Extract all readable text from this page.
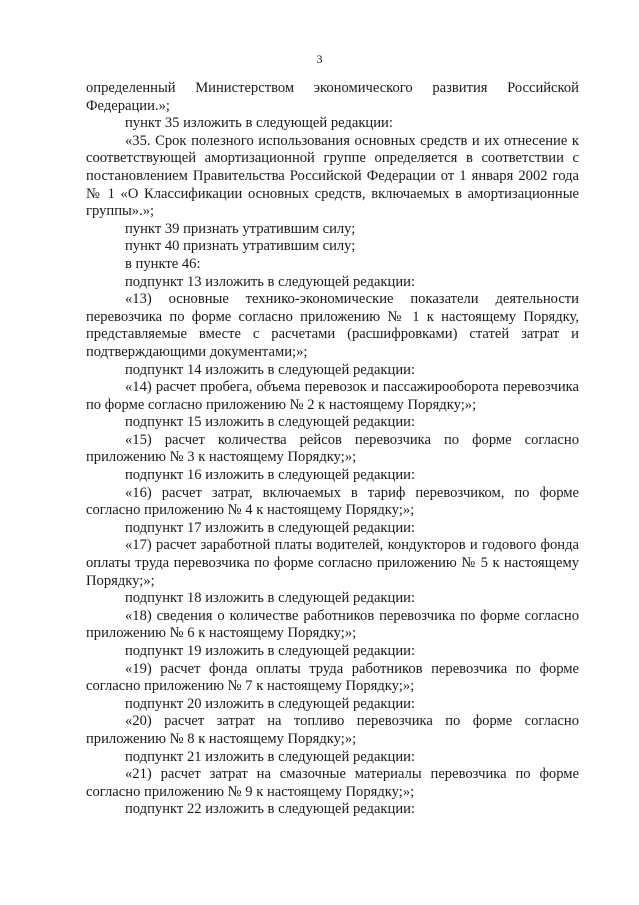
3

определенный Министерством экономического развития Российской Федерации.»;

пункт 35 изложить в следующей редакции:

«35. Срок полезного использования основных средств и их отнесение к соответствующей амортизационной группе определяется в соответствии с постановлением Правительства Российской Федерации от 1 января 2002 года № 1 «О Классификации основных средств, включаемых в амортизационные группы».»;

пункт 39 признать утратившим силу;

пункт 40 признать утратившим силу;

в пункте 46:

подпункт 13 изложить в следующей редакции:

«13) основные технико-экономические показатели деятельности перевозчика по форме согласно приложению № 1 к настоящему Порядку, представляемые вместе с расчетами (расшифровками) статей затрат и подтверждающими документами;»;

подпункт 14 изложить в следующей редакции:

«14) расчет пробега, объема перевозок и пассажирооборота перевозчика по форме согласно приложению № 2 к настоящему Порядку;»;

подпункт 15 изложить в следующей редакции:

«15) расчет количества рейсов перевозчика по форме согласно приложению № 3 к настоящему Порядку;»;

подпункт 16 изложить в следующей редакции:

«16) расчет затрат, включаемых в тариф перевозчиком, по форме согласно приложению № 4 к настоящему Порядку;»;

подпункт 17 изложить в следующей редакции:

«17) расчет заработной платы водителей, кондукторов и годового фонда оплаты труда перевозчика по форме согласно приложению № 5 к настоящему Порядку;»;

подпункт 18 изложить в следующей редакции:

«18) сведения о количестве работников перевозчика по форме согласно приложению № 6 к настоящему Порядку;»;

подпункт 19 изложить в следующей редакции:

«19) расчет фонда оплаты труда работников перевозчика по форме согласно приложению № 7 к настоящему Порядку;»;

подпункт 20 изложить в следующей редакции:

«20) расчет затрат на топливо перевозчика по форме согласно приложению № 8 к настоящему Порядку;»;

подпункт 21 изложить в следующей редакции:

«21) расчет затрат на смазочные материалы перевозчика по форме согласно приложению № 9 к настоящему Порядку;»;

подпункт 22 изложить в следующей редакции:
